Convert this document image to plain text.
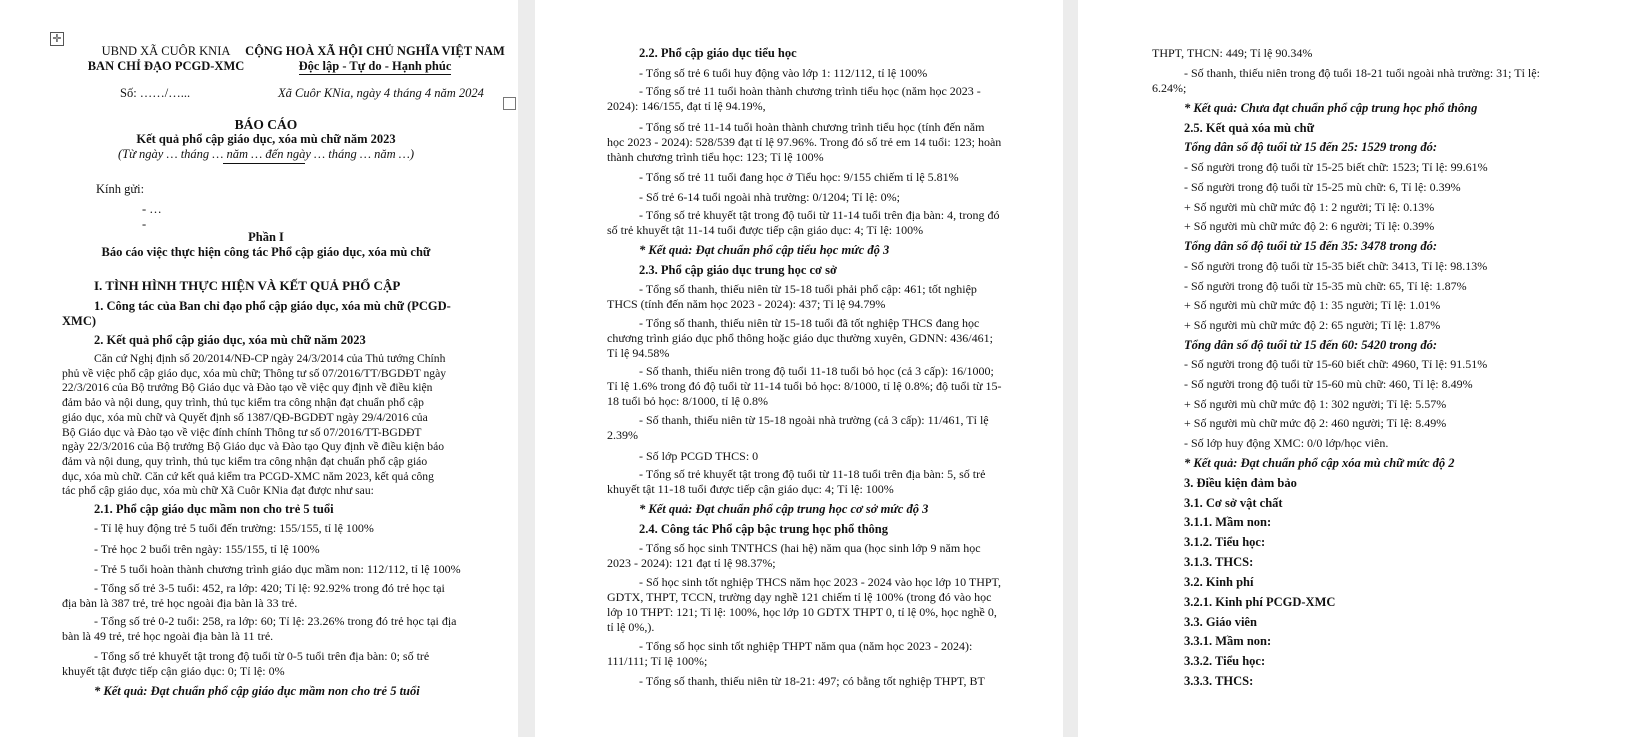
✛
UBND XÃ CUÔR KNIA
BAN CHỈ ĐẠO PCGD-XMC
CỘNG HOÀ XÃ HỘI CHỦ NGHĨA VIỆT NAM
Độc lập - Tự do - Hạnh phúc
Số: ……/…...	Xã Cuôr KNia, ngày 4 tháng 4 năm 2024
BÁO CÁO
Kết quả phổ cập giáo dục, xóa mù chữ năm 2023
(Từ ngày … tháng … năm … đến ngày … tháng … năm …)
Kính gửi:
- …
-
Phần I
Báo cáo việc thực hiện công tác Phổ cập giáo dục, xóa mù chữ
I. TÌNH HÌNH THỰC HIỆN VÀ KẾT QUẢ PHỔ CẬP
1. Công tác của Ban chỉ đạo phổ cập giáo dục, xóa mù chữ (PCGD-
XMC)
2. Kết quả phổ cập giáo dục, xóa mù chữ năm 2023
Căn cứ Nghị định số 20/2014/NĐ-CP ngày 24/3/2014 của Thủ tướng Chính
phủ về việc phổ cập giáo dục, xóa mù chữ; Thông tư số 07/2016/TT/BGDĐT ngày
22/3/2016 của Bộ trưởng Bộ Giáo dục và Đào tạo về việc quy định về điều kiện
đảm bảo và nội dung, quy trình, thủ tục kiểm tra công nhận đạt chuẩn phổ cập
giáo dục, xóa mù chữ và Quyết định số 1387/QĐ-BGDĐT ngày 29/4/2016 của
Bộ Giáo dục và Đào tạo về việc đính chính Thông tư số 07/2016/TT-BGDĐT
ngày 22/3/2016 của Bộ trưởng Bộ Giáo dục và Đào tạo Quy định về điều kiện bảo
đảm và nội dung, quy trình, thủ tục kiểm tra công nhận đạt chuẩn phổ cập giáo
dục, xóa mù chữ. Căn cứ kết quả kiểm tra PCGD-XMC năm 2023, kết quả công
tác phổ cập giáo dục, xóa mù chữ Xã Cuôr KNia đạt được như sau:
2.1. Phổ cập giáo dục mầm non cho trẻ 5 tuổi
- Tỉ lệ huy động trẻ 5 tuổi đến trường: 155/155, tỉ lệ 100%
- Trẻ học 2 buổi trên ngày: 155/155, tỉ lệ 100%
- Trẻ 5 tuổi hoàn thành chương trình giáo dục mầm non: 112/112, tỉ lệ 100%
- Tổng số trẻ 3-5 tuổi: 452, ra lớp: 420; Tỉ lệ: 92.92% trong đó trẻ học tại
địa bàn là 387 trẻ, trẻ học ngoài địa bàn là 33 trẻ.
- Tổng số trẻ 0-2 tuổi: 258, ra lớp: 60; Tỉ lệ: 23.26% trong đó trẻ học tại địa
bàn là 49 trẻ, trẻ học ngoài địa bàn là 11 trẻ.
- Tổng số trẻ khuyết tật trong độ tuổi từ 0-5 tuổi trên địa bàn: 0; số trẻ
khuyết tật được tiếp cận giáo dục: 0; Tỉ lệ: 0%
* Kết quả: Đạt chuẩn phổ cập giáo dục mầm non cho trẻ 5 tuổi
2.2. Phổ cập giáo dục tiểu học
- Tổng số trẻ 6 tuổi huy động vào lớp 1: 112/112, tỉ lệ 100%
- Tổng số trẻ 11 tuổi hoàn thành chương trình tiểu học (năm học 2023 -
2024): 146/155, đạt tỉ lệ 94.19%,
- Tổng số trẻ 11-14 tuổi hoàn thành chương trình tiểu học (tính đến năm
học 2023 - 2024): 528/539 đạt tỉ lệ 97.96%. Trong đó số trẻ em 14 tuổi: 123; hoàn
thành chương trình tiểu học: 123; Tỉ lệ 100%
- Tổng số trẻ 11 tuổi đang học ở Tiểu học: 9/155 chiếm tỉ lệ 5.81%
- Số trẻ 6-14 tuổi ngoài nhà trường: 0/1204; Tỉ lệ: 0%;
- Tổng số trẻ khuyết tật trong độ tuổi từ 11-14 tuổi trên địa bàn: 4, trong đó
số trẻ khuyết tật 11-14 tuổi được tiếp cận giáo dục: 4; Tỉ lệ: 100%
* Kết quả: Đạt chuẩn phổ cập tiểu học mức độ 3
2.3. Phổ cập giáo dục trung học cơ sở
- Tổng số thanh, thiếu niên từ 15-18 tuổi phải phổ cập: 461; tốt nghiệp
THCS (tính đến năm học 2023 - 2024): 437; Tỉ lệ 94.79%
- Tổng số thanh, thiếu niên từ 15-18 tuổi đã tốt nghiệp THCS đang học
chương trình giáo dục phổ thông hoặc giáo dục thường xuyên, GDNN: 436/461;
Tỉ lệ 94.58%
- Số thanh, thiếu niên trong độ tuổi 11-18 tuổi bỏ học (cả 3 cấp): 16/1000;
Tỉ lệ 1.6% trong đó độ tuổi từ 11-14 tuổi bỏ học: 8/1000, tỉ lệ 0.8%; độ tuổi từ 15-
18 tuổi bỏ học: 8/1000, tỉ lệ 0.8%
- Số thanh, thiếu niên từ 15-18 ngoài nhà trường (cả 3 cấp): 11/461, Tỉ lệ
2.39%
- Số lớp PCGD THCS: 0
- Tổng số trẻ khuyết tật trong độ tuổi từ 11-18 tuổi trên địa bàn: 5, số trẻ
khuyết tật 11-18 tuổi được tiếp cận giáo dục: 4; Tỉ lệ: 100%
* Kết quả: Đạt chuẩn phổ cập trung học cơ sở mức độ 3
2.4. Công tác Phổ cập bậc trung học phổ thông
- Tổng số học sinh TNTHCS (hai hệ) năm qua (học sinh lớp 9 năm học
2023 - 2024): 121 đạt tỉ lệ 98.37%;
- Số học sinh tốt nghiệp THCS năm học 2023 - 2024 vào học lớp 10 THPT,
GDTX, THPT, TCCN, trường dạy nghề 121 chiếm tỉ lệ 100% (trong đó vào học
lớp 10 THPT: 121; Tỉ lệ: 100%, học lớp 10 GDTX THPT 0, tỉ lệ 0%, học nghề 0,
tỉ lệ 0%,).
- Tổng số học sinh tốt nghiệp THPT năm qua (năm học 2023 - 2024):
111/111; Tỉ lệ 100%;
- Tổng số thanh, thiếu niên từ 18-21: 497; có bằng tốt nghiệp THPT, BT
THPT, THCN: 449; Tỉ lệ 90.34%
- Số thanh, thiếu niên trong độ tuổi 18-21 tuổi ngoài nhà trường: 31; Tỉ lệ:
6.24%;
* Kết quả: Chưa đạt chuẩn phổ cập trung học phổ thông
2.5. Kết quả xóa mù chữ
Tổng dân số độ tuổi từ 15 đến 25: 1529 trong đó:
- Số người trong độ tuổi từ 15-25 biết chữ: 1523; Tỉ lệ: 99.61%
- Số người trong độ tuổi từ 15-25 mù chữ: 6, Tỉ lệ: 0.39%
+ Số người mù chữ mức độ 1: 2 người; Tỉ lệ: 0.13%
+ Số người mù chữ mức độ 2: 6 người; Tỉ lệ: 0.39%
Tổng dân số độ tuổi từ 15 đến 35: 3478 trong đó:
- Số người trong độ tuổi từ 15-35 biết chữ: 3413, Tỉ lệ: 98.13%
- Số người trong độ tuổi từ 15-35 mù chữ: 65, Tỉ lệ: 1.87%
+ Số người mù chữ mức độ 1: 35 người; Tỉ lệ: 1.01%
+ Số người mù chữ mức độ 2: 65 người; Tỉ lệ: 1.87%
Tổng dân số độ tuổi từ 15 đến 60: 5420 trong đó:
- Số người trong độ tuổi từ 15-60 biết chữ: 4960, Tỉ lệ: 91.51%
- Số người trong độ tuổi từ 15-60 mù chữ: 460, Tỉ lệ: 8.49%
+ Số người mù chữ mức độ 1: 302 người; Tỉ lệ: 5.57%
+ Số người mù chữ mức độ 2: 460 người; Tỉ lệ: 8.49%
- Số lớp huy động XMC: 0/0 lớp/học viên.
* Kết quả: Đạt chuẩn phổ cập xóa mù chữ mức độ 2
3. Điều kiện đảm bảo
3.1. Cơ sở vật chất
3.1.1. Mầm non:
3.1.2. Tiểu học:
3.1.3. THCS:
3.2. Kinh phí
3.2.1. Kinh phí PCGD-XMC
3.3. Giáo viên
3.3.1. Mầm non:
3.3.2. Tiểu học:
3.3.3. THCS:
